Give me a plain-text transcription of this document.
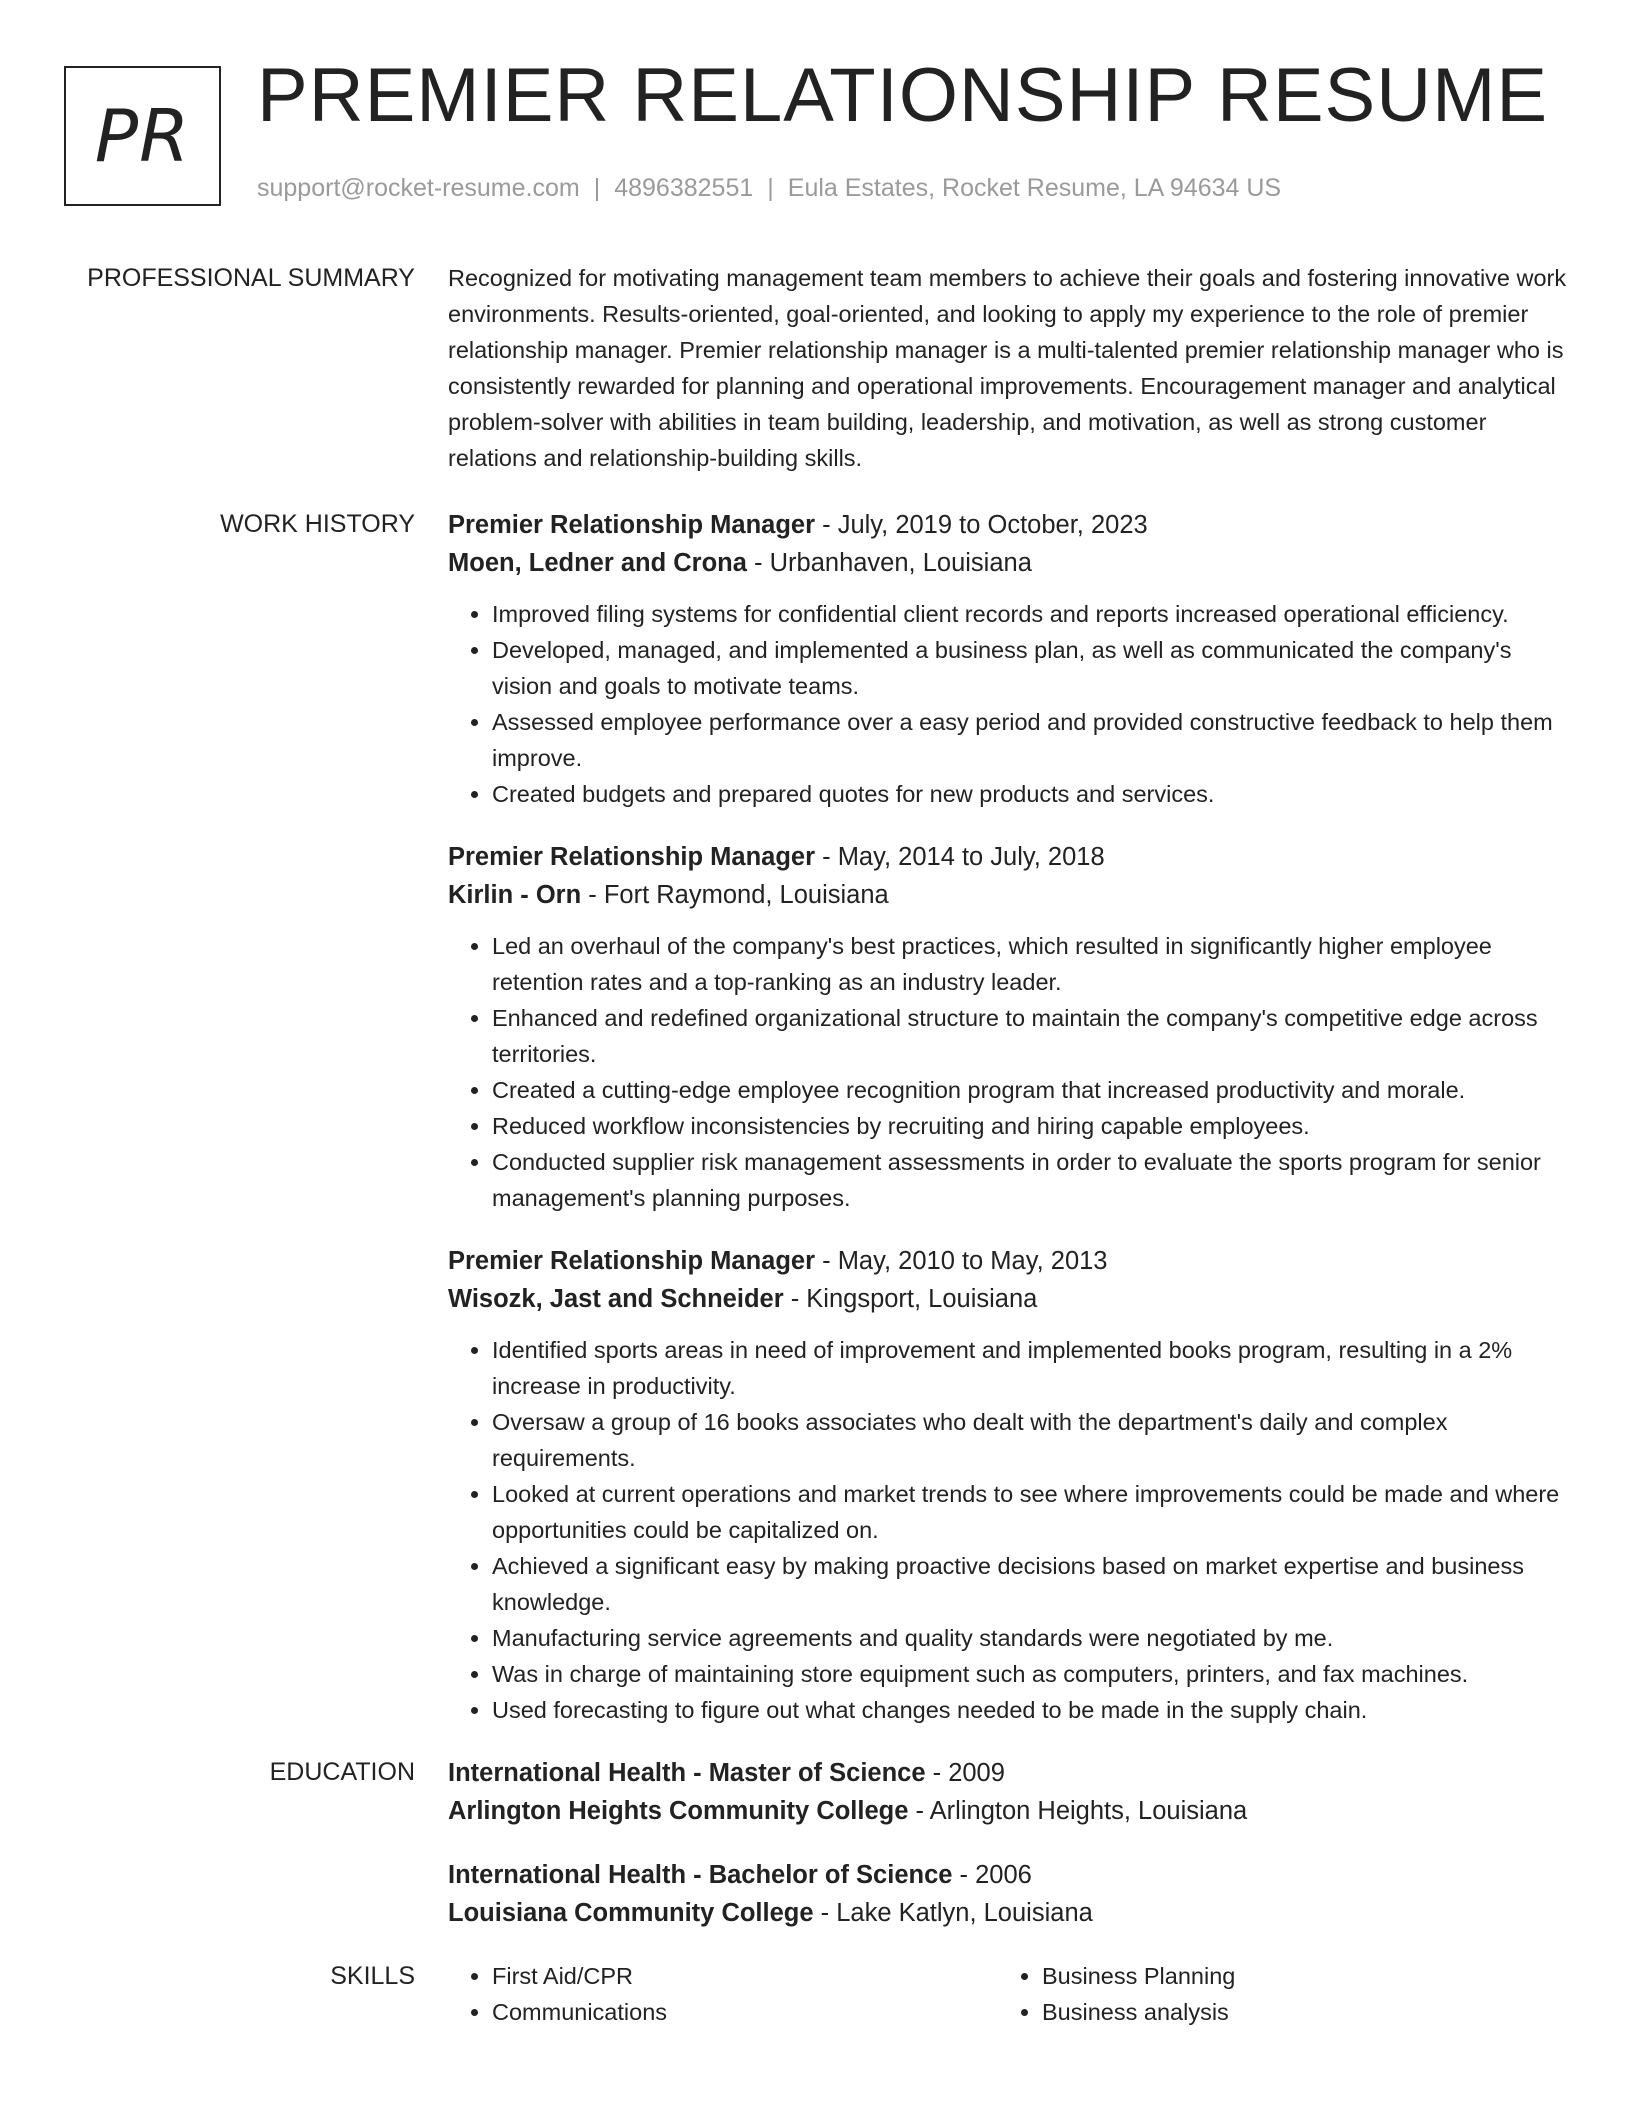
PR PREMIER RELATIONSHIP RESUME
support@rocket-resume.com | 4896382551 | Eula Estates, Rocket Resume, LA 94634 US
PROFESSIONAL SUMMARY Recognized for motivating management team members to achieve their goals and fostering innovative work environments. Results-oriented, goal-oriented, and looking to apply my experience to the role of premier relationship manager. Premier relationship manager is a multi-talented premier relationship manager who is consistently rewarded for planning and operational improvements. Encouragement manager and analytical problem-solver with abilities in team building, leadership, and motivation, as well as strong customer relations and relationship-building skills.

WORK HISTORY Premier Relationship Manager - July, 2019 to October, 2023
Moen, Ledner and Crona - Urbanhaven, Louisiana
• Improved filing systems for confidential client records and reports increased operational efficiency.
• Developed, managed, and implemented a business plan, as well as communicated the company's vision and goals to motivate teams.
• Assessed employee performance over a easy period and provided constructive feedback to help them improve.
• Created budgets and prepared quotes for new products and services.
Premier Relationship Manager - May, 2014 to July, 2018
Kirlin - Orn - Fort Raymond, Louisiana
• Led an overhaul of the company's best practices, which resulted in significantly higher employee retention rates and a top-ranking as an industry leader.
• Enhanced and redefined organizational structure to maintain the company's competitive edge across territories.
• Created a cutting-edge employee recognition program that increased productivity and morale.
• Reduced workflow inconsistencies by recruiting and hiring capable employees.
• Conducted supplier risk management assessments in order to evaluate the sports program for senior management's planning purposes.
Premier Relationship Manager - May, 2010 to May, 2013
Wisozk, Jast and Schneider - Kingsport, Louisiana
• Identified sports areas in need of improvement and implemented books program, resulting in a 2% increase in productivity.
• Oversaw a group of 16 books associates who dealt with the department's daily and complex requirements.
• Looked at current operations and market trends to see where improvements could be made and where opportunities could be capitalized on.
• Achieved a significant easy by making proactive decisions based on market expertise and business knowledge.
• Manufacturing service agreements and quality standards were negotiated by me.
• Was in charge of maintaining store equipment such as computers, printers, and fax machines.
• Used forecasting to figure out what changes needed to be made in the supply chain.
EDUCATION International Health - Master of Science - 2009
Arlington Heights Community College - Arlington Heights, Louisiana
International Health - Bachelor of Science - 2006
Louisiana Community College - Lake Katlyn, Louisiana
SKILLS	• First Aid/CPR	• Business Planning
• Communications	• Business analysis
